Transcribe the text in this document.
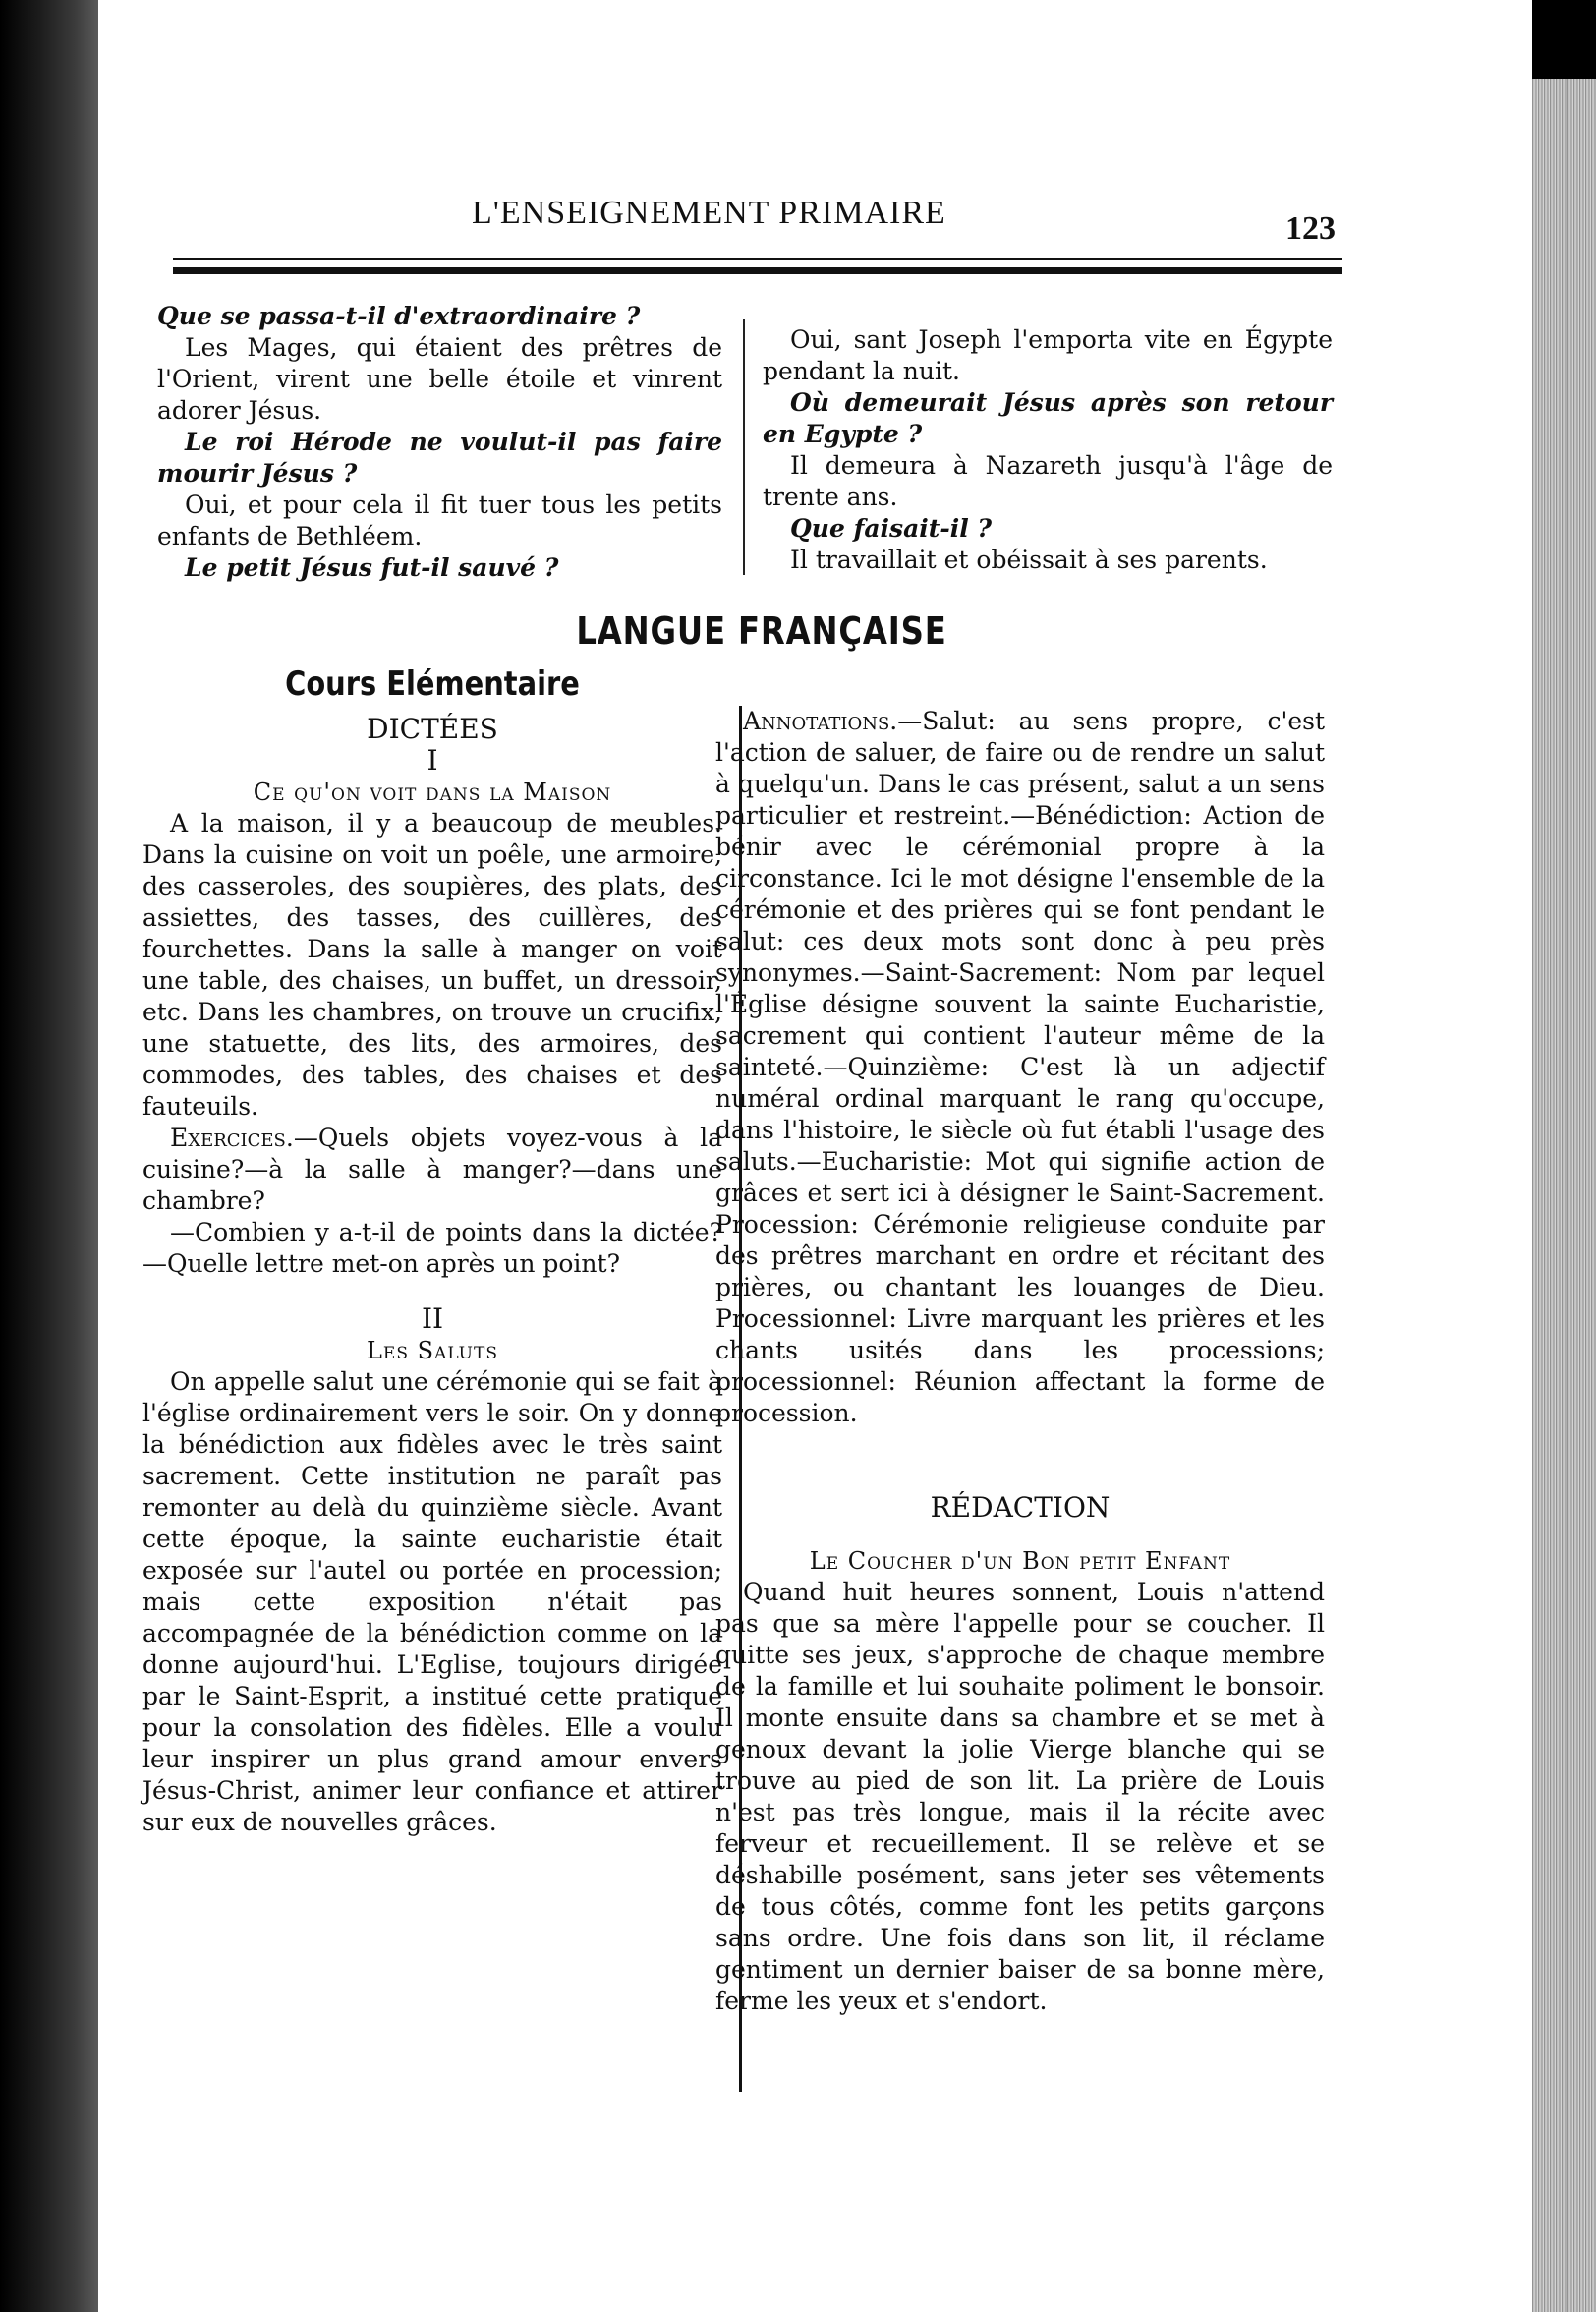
L'ENSEIGNEMENT PRIMAIRE	123

Que se passa-t-il d'extraordinaire ?

Les Mages, qui étaient des prêtres de l'Orient, virent une belle étoile et vinrent adorer Jésus.

Le roi Hérode ne voulut-il pas faire mourir Jésus ?

Oui, et pour cela il fit tuer tous les petits enfants de Bethléem.

Le petit Jésus fut-il sauvé ?

Oui, sant Joseph l'emporta vite en Égypte pendant la nuit.

Où demeurait Jésus après son retour en Egypte ?

Il demeura à Nazareth jusqu'à l'âge de trente ans.

Que faisait-il ?

Il travaillait et obéissait à ses parents.

LANGUE FRANÇAISE
Cours Elémentaire

DICTÉES

I

Ce qu'on voit dans la Maison

A la maison, il y a beaucoup de meubles. Dans la cuisine on voit un poêle, une armoire, des casseroles, des soupières, des plats, des assiettes, des tasses, des cuillères, des fourchettes. Dans la salle à manger on voit une table, des chaises, un buffet, un dressoir, etc. Dans les chambres, on trouve un crucifix, une statuette, des lits, des armoires, des commodes, des tables, des chaises et des fauteuils.

Exercices.—Quels objets voyez-vous à la cuisine?—à la salle à manger?—dans une chambre?

—Combien y a-t-il de points dans la dictée?—Quelle lettre met-on après un point?

II

Les Saluts

On appelle salut une cérémonie qui se fait à l'église ordinairement vers le soir. On y donne la bénédiction aux fidèles avec le très saint sacrement. Cette institution ne paraît pas remonter au delà du quinzième siècle. Avant cette époque, la sainte eucharistie était exposée sur l'autel ou portée en procession; mais cette exposition n'était pas accompagnée de la bénédiction comme on la donne aujourd'hui. L'Eglise, toujours dirigée par le Saint-Esprit, a institué cette pratique pour la consolation des fidèles. Elle a voulu leur inspirer un plus grand amour envers Jésus-Christ, animer leur confiance et attirer sur eux de nouvelles grâces.

Annotations.—Salut: au sens propre, c'est l'action de saluer, de faire ou de rendre un salut à quelqu'un. Dans le cas présent, salut a un sens particulier et restreint.—Bénédiction: Action de bénir avec le cérémonial propre à la circonstance. Ici le mot désigne l'ensemble de la cérémonie et des prières qui se font pendant le salut: ces deux mots sont donc à peu près synonymes.—Saint-Sacrement: Nom par lequel l'Église désigne souvent la sainte Eucharistie, sacrement qui contient l'auteur même de la sainteté.—Quinzième: C'est là un adjectif numéral ordinal marquant le rang qu'occupe, dans l'histoire, le siècle où fut établi l'usage des saluts.—Eucharistie: Mot qui signifie action de grâces et sert ici à désigner le Saint-Sacrement. Procession: Cérémonie religieuse conduite par des prêtres marchant en ordre et récitant des prières, ou chantant les louanges de Dieu. Processionnel: Livre marquant les prières et les chants usités dans les processions; processionnel: Réunion affectant la forme de procession.

RÉDACTION

Le Coucher d'un Bon petit Enfant

Quand huit heures sonnent, Louis n'attend pas que sa mère l'appelle pour se coucher. Il quitte ses jeux, s'approche de chaque membre de la famille et lui souhaite poliment le bonsoir. Il monte ensuite dans sa chambre et se met à genoux devant la jolie Vierge blanche qui se trouve au pied de son lit. La prière de Louis n'est pas très longue, mais il la récite avec ferveur et recueillement. Il se relève et se déshabille posément, sans jeter ses vêtements de tous côtés, comme font les petits garçons sans ordre. Une fois dans son lit, il réclame gentiment un dernier baiser de sa bonne mère, ferme les yeux et s'endort.
